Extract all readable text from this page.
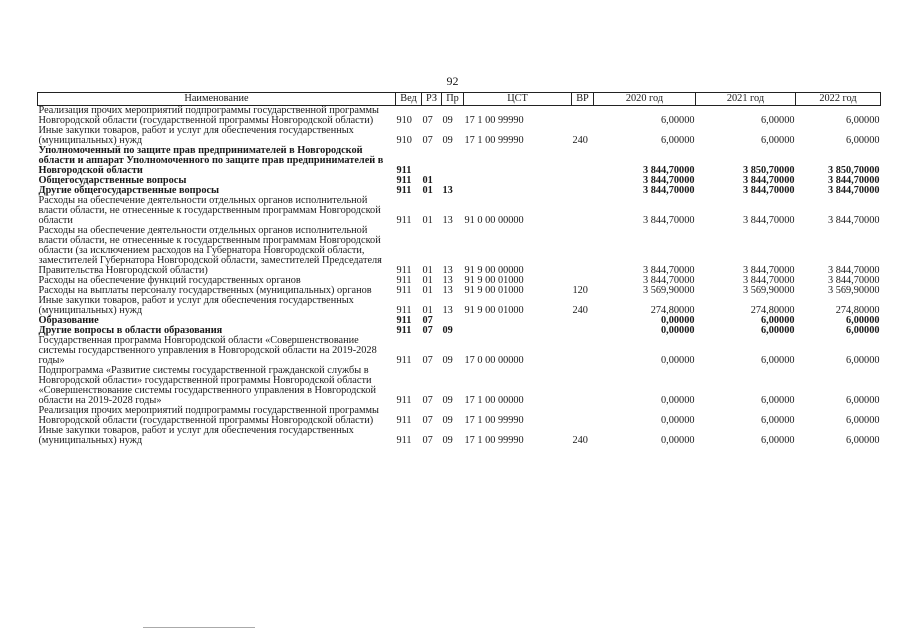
92
Наименование	Вед	РЗ	Пр	ЦСТ	ВР	2020 год	2021 год	2022 год
Реализация прочих мероприятий подпрограммы государственной программы Новгородской области (государственной программы Новгородской области)	910	07	09	17 1 00 99990		6,00000	6,00000	6,00000
Иные закупки товаров, работ и услуг для обеспечения государственных (муниципальных) нужд	910	07	09	17 1 00 99990	240	6,00000	6,00000	6,00000
Уполномоченный по защите прав предпринимателей в Новгородской области и аппарат Уполномоченного по защите прав предпринимателей в Новгородской области	911					3 844,70000	3 850,70000	3 850,70000
Общегосударственные вопросы	911	01				3 844,70000	3 844,70000	3 844,70000
Другие общегосударственные вопросы	911	01	13			3 844,70000	3 844,70000	3 844,70000
Расходы на обеспечение деятельности отдельных органов исполнительной власти области, не отнесенные к государственным программам Новгородской области	911	01	13	91 0 00 00000		3 844,70000	3 844,70000	3 844,70000
Расходы на обеспечение деятельности отдельных органов исполнительной власти области, не отнесенные к государственным программам Новгородской области (за исключением расходов на Губернатора Новгородской области, заместителей Губернатора Новгородской области, заместителей Председателя Правительства Новгородской области)	911	01	13	91 9 00 00000		3 844,70000	3 844,70000	3 844,70000
Расходы на обеспечение функций государственных органов	911	01	13	91 9 00 01000		3 844,70000	3 844,70000	3 844,70000
Расходы на выплаты персоналу государственных (муниципальных) органов	911	01	13	91 9 00 01000	120	3 569,90000	3 569,90000	3 569,90000
Иные закупки товаров, работ и услуг для обеспечения государственных (муниципальных) нужд	911	01	13	91 9 00 01000	240	274,80000	274,80000	274,80000
Образование	911	07				0,00000	6,00000	6,00000
Другие вопросы в области образования	911	07	09			0,00000	6,00000	6,00000
Государственная программа Новгородской области «Совершенствование системы государственного управления в Новгородской области на 2019-2028 годы»	911	07	09	17 0 00 00000		0,00000	6,00000	6,00000
Подпрограмма «Развитие системы государственной гражданской службы в Новгородской области» государственной программы Новгородской области «Совершенствование системы государственного управления в Новгородской области на 2019-2028 годы»	911	07	09	17 1 00 00000		0,00000	6,00000	6,00000
Реализация прочих мероприятий подпрограммы государственной программы Новгородской области (государственной программы Новгородской области)	911	07	09	17 1 00 99990		0,00000	6,00000	6,00000
Иные закупки товаров, работ и услуг для обеспечения государственных (муниципальных) нужд	911	07	09	17 1 00 99990	240	0,00000	6,00000	6,00000
